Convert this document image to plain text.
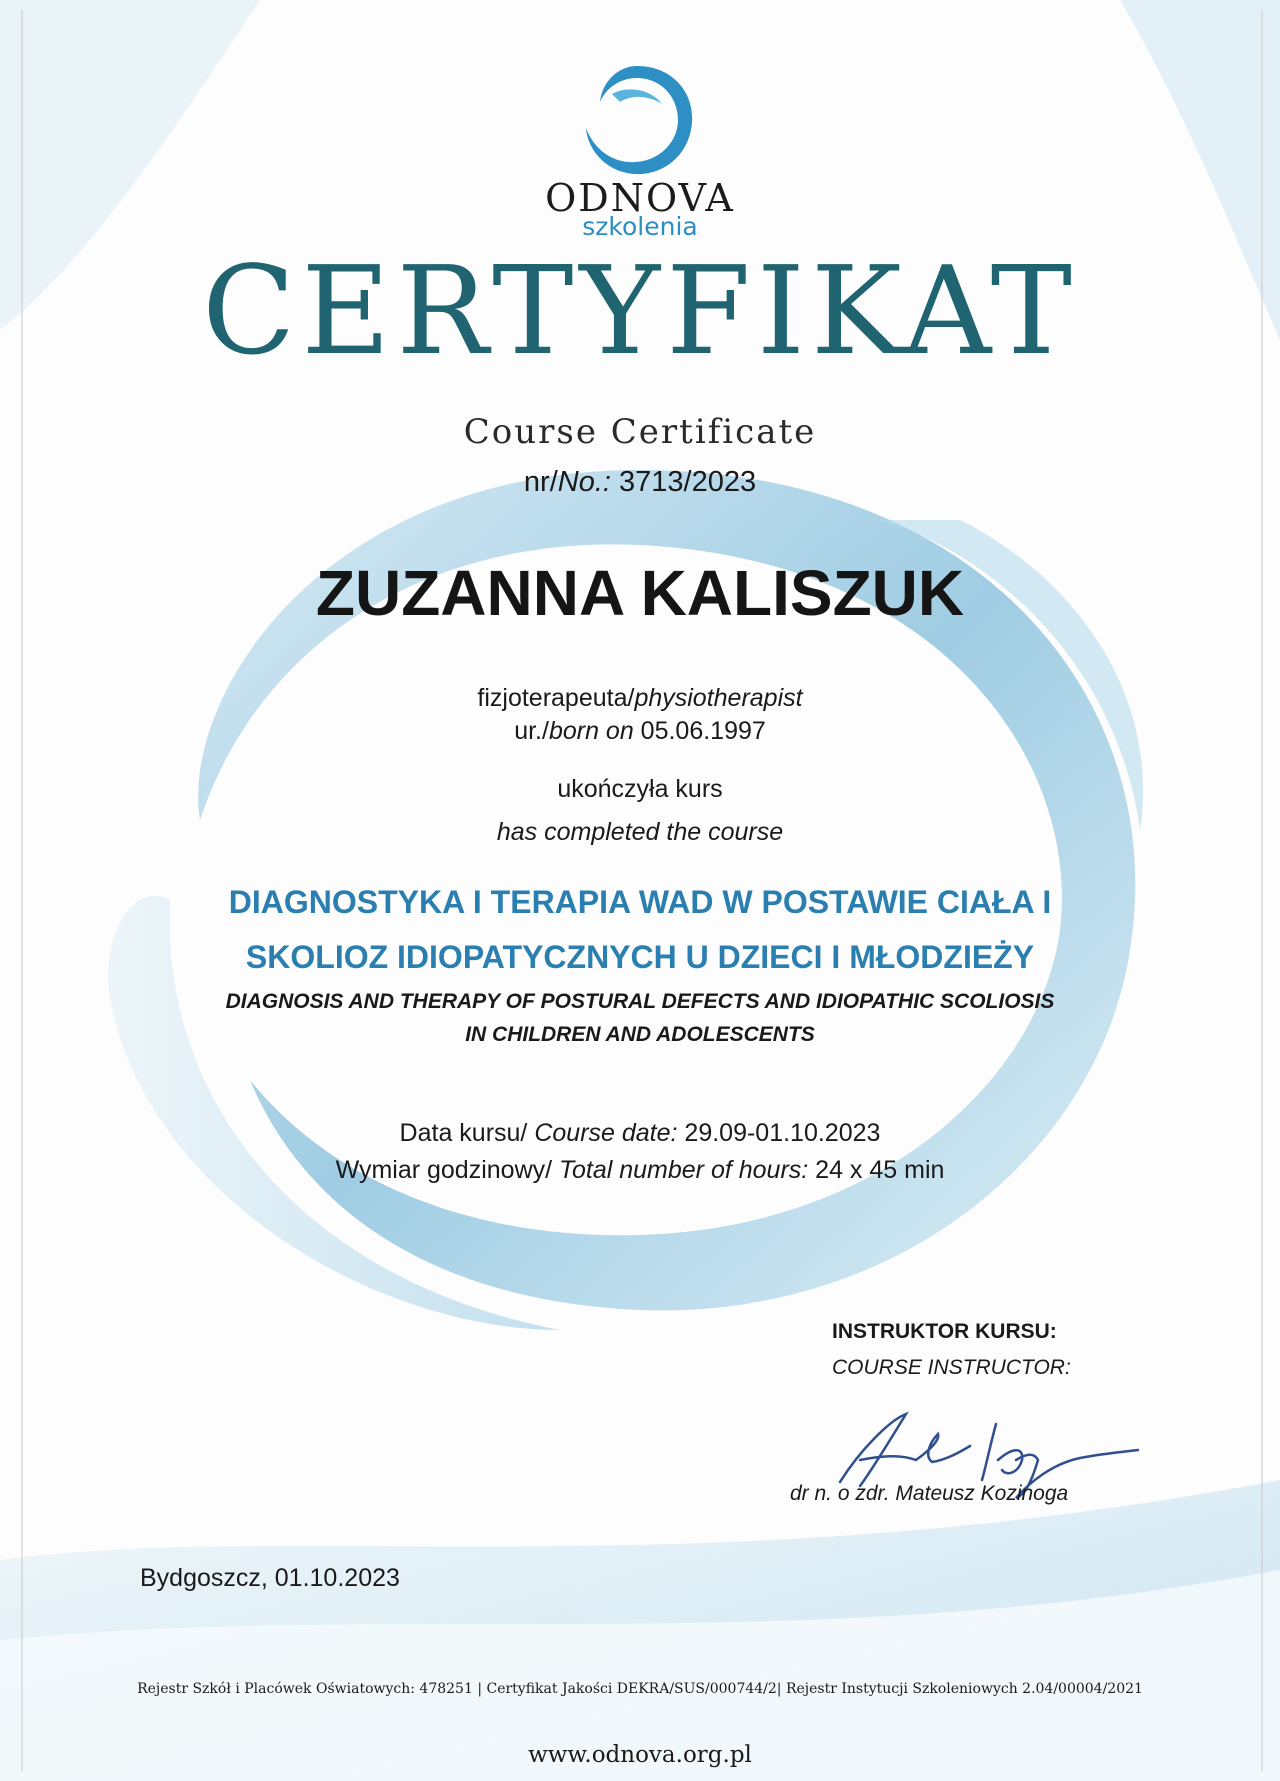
ODNOVA
szkolenia
CERTYFIKAT
Course Certificate
nr/No.: 3713/2023
ZUZANNA KALISZUK
fizjoterapeuta/physiotherapist
ur./born on 05.06.1997
ukończyła kurs
has completed the course
DIAGNOSTYKA I TERAPIA WAD W POSTAWIE CIAŁA I
SKOLIOZ IDIOPATYCZNYCH U DZIECI I MŁODZIEŻY
DIAGNOSIS AND THERAPY OF POSTURAL DEFECTS AND IDIOPATHIC SCOLIOSIS
IN CHILDREN AND ADOLESCENTS
Data kursu/ Course date: 29.09-01.10.2023
Wymiar godzinowy/ Total number of hours: 24 x 45 min
INSTRUKTOR KURSU:
COURSE INSTRUCTOR:
dr n. o zdr. Mateusz Kozinoga
Bydgoszcz, 01.10.2023
Rejestr Szkół i Placówek Oświatowych: 478251 | Certyfikat Jakości DEKRA/SUS/000744/2| Rejestr Instytucji Szkoleniowych 2.04/00004/2021
www.odnova.org.pl
